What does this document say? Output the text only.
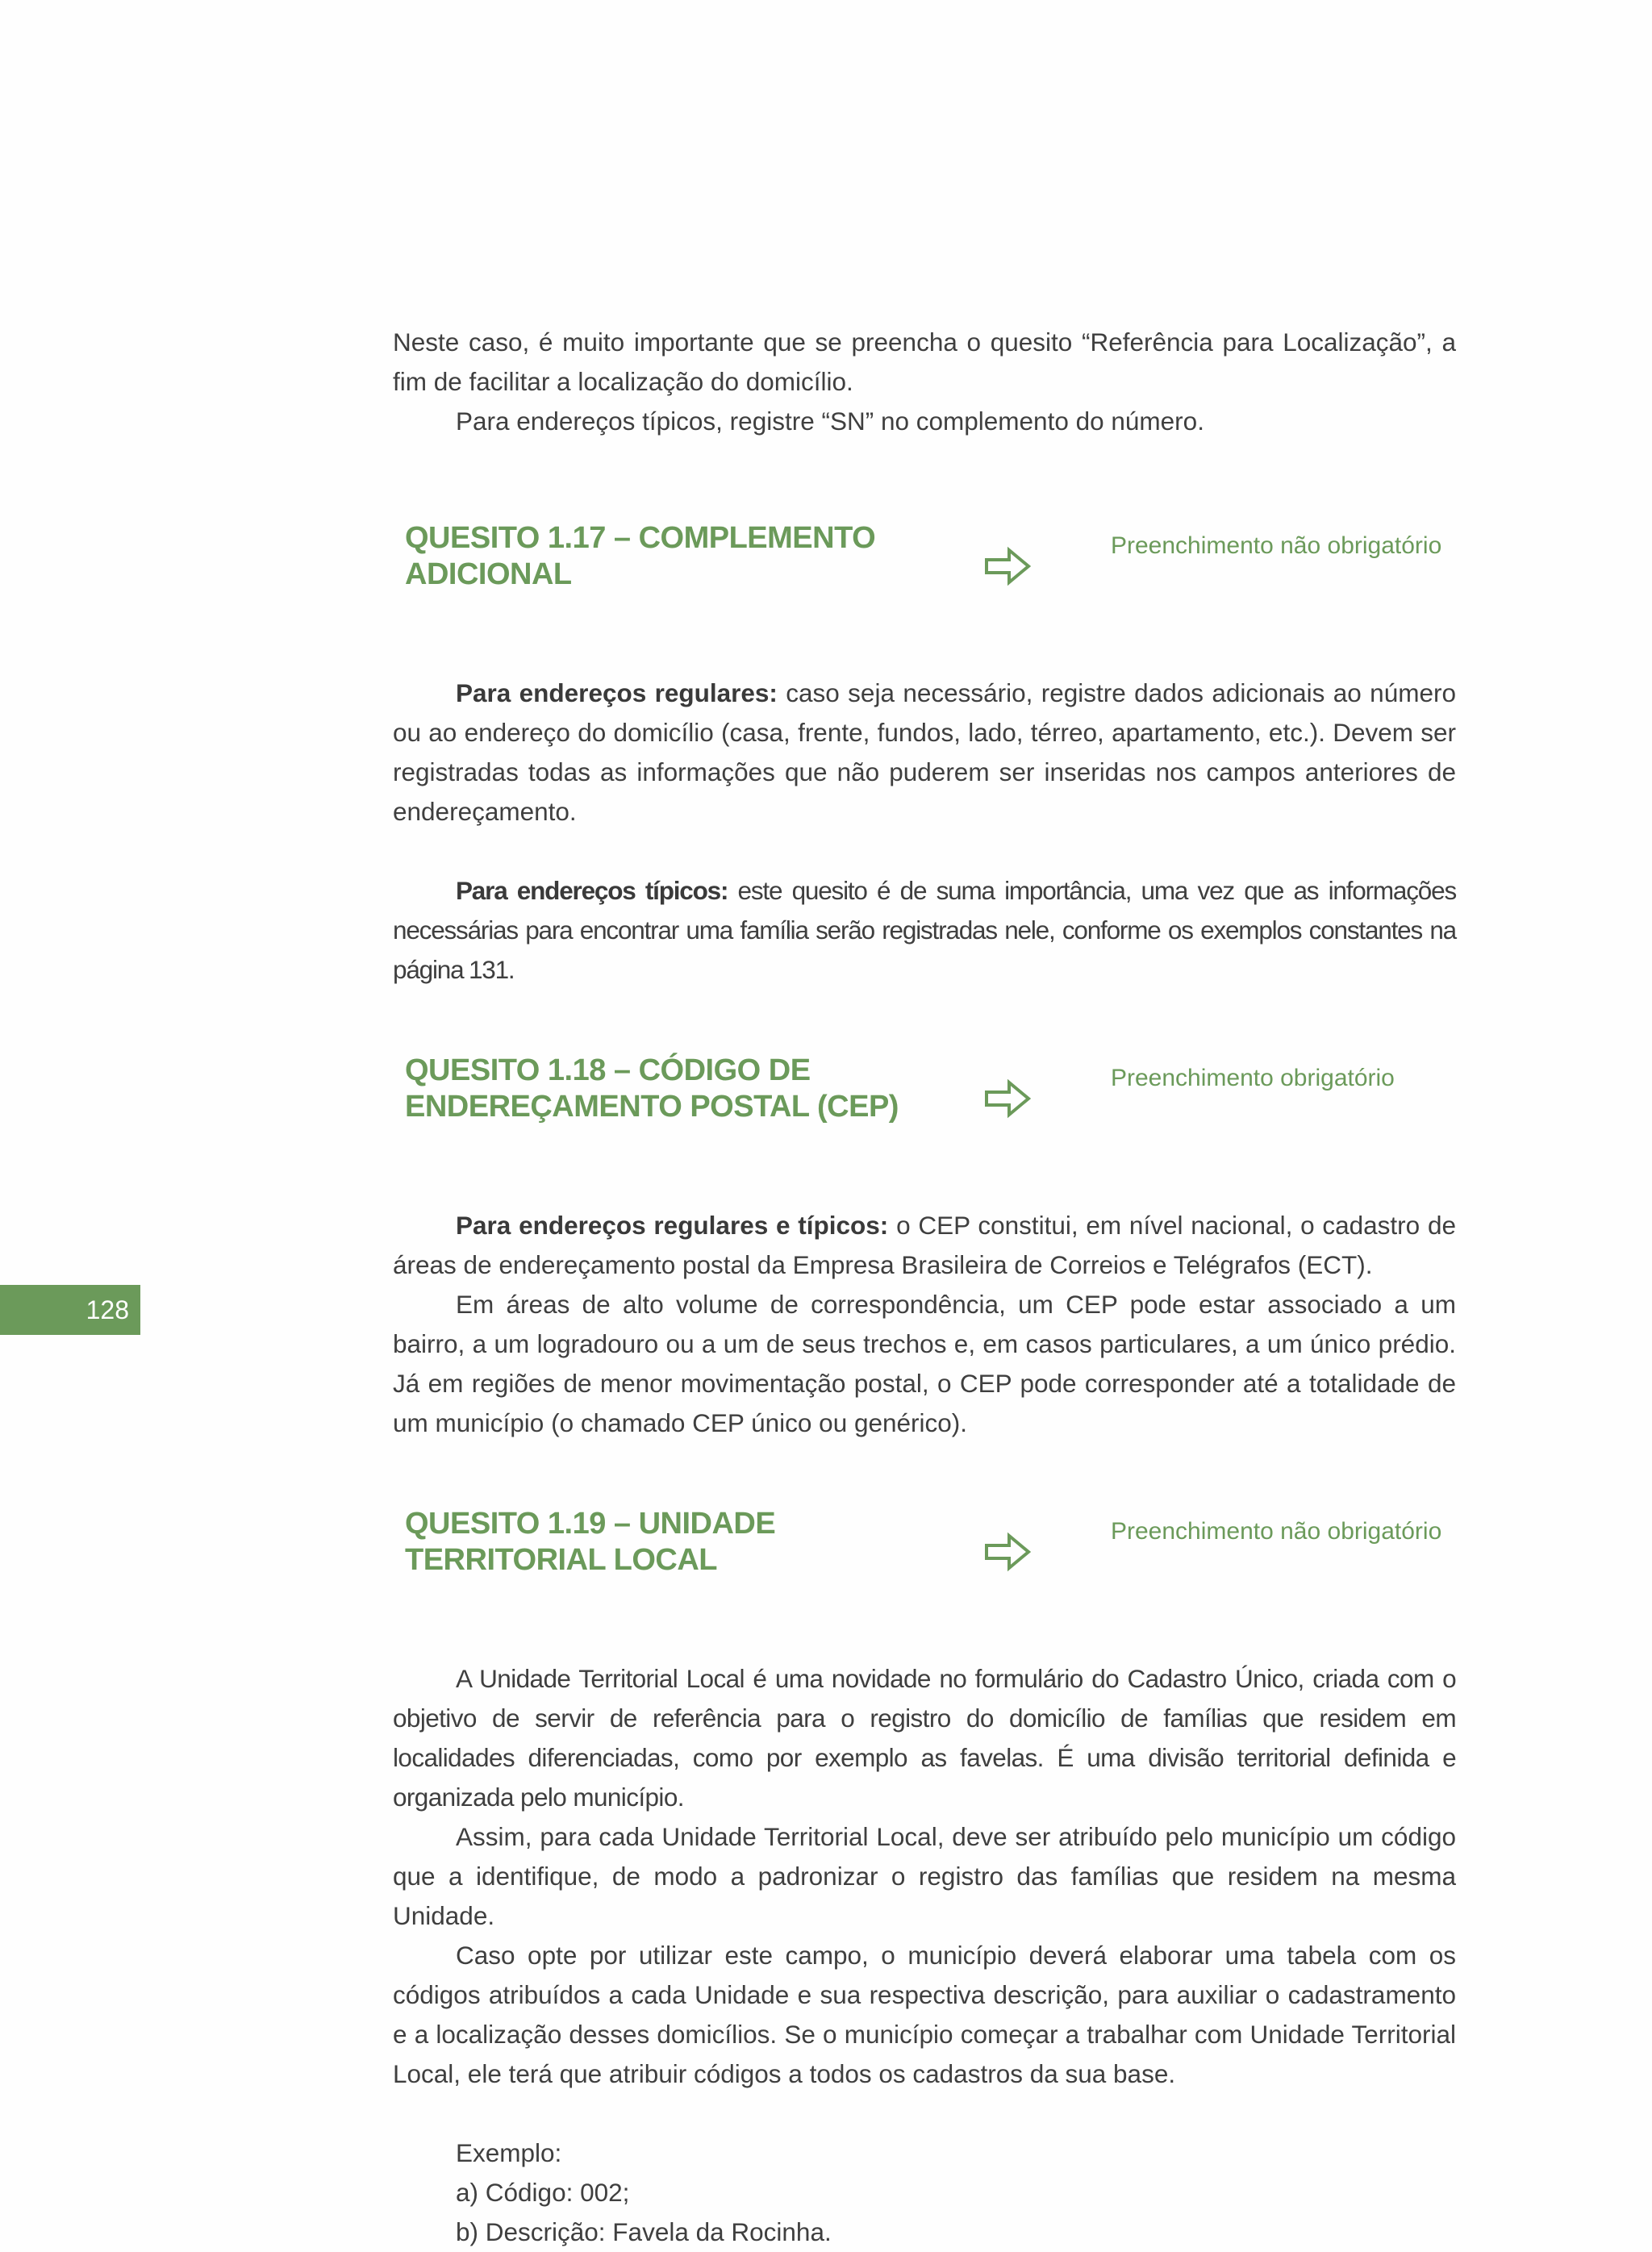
128

Neste caso, é muito importante que se preencha o quesito “Referência para Localização”, a fim de facilitar a localização do domicílio.

Para endereços típicos, registre “SN” no complemento do número.

QUESITO 1.17 – COMPLEMENTO
ADICIONAL
Preenchimento não obrigatório

Para endereços regulares: caso seja necessário, registre dados adicionais ao número ou ao endereço do domicílio (casa, frente, fundos, lado, térreo, apartamento, etc.). Devem ser registradas todas as informações que não puderem ser inseridas nos campos anteriores de endereçamento.

Para endereços típicos: este quesito é de suma importância, uma vez que as informações necessárias para encontrar uma família serão registradas nele, conforme os exemplos constantes na página 131.

QUESITO 1.18 – CÓDIGO DE
ENDEREÇAMENTO POSTAL (CEP)
Preenchimento obrigatório

Para endereços regulares e típicos: o CEP constitui, em nível nacional, o cadastro de áreas de endereçamento postal da Empresa Brasileira de Correios e Telégrafos (ECT).

Em áreas de alto volume de correspondência, um CEP pode estar associado a um bairro, a um logradouro ou a um de seus trechos e, em casos particulares, a um único prédio. Já em regiões de menor movimentação postal, o CEP pode corresponder até a totalidade de um município (o chamado CEP único ou genérico).

QUESITO 1.19 – UNIDADE
TERRITORIAL LOCAL
Preenchimento não obrigatório

A Unidade Territorial Local é uma novidade no formulário do Cadastro Único, criada com o objetivo de servir de referência para o registro do domicílio de famílias que residem em localidades diferenciadas, como por exemplo as favelas. É uma divisão territorial definida e organizada pelo município.

Assim, para cada Unidade Territorial Local, deve ser atribuído pelo município um código que a identifique, de modo a padronizar o registro das famílias que residem na mesma Unidade.

Caso opte por utilizar este campo, o município deverá elaborar uma tabela com os códigos atribuídos a cada Unidade e sua respectiva descrição, para auxiliar o cadastramento e a localização desses domicílios. Se o município começar a trabalhar com Unidade Territorial Local, ele terá que atribuir códigos a todos os cadastros da sua base.

Exemplo:

a) Código: 002;

b) Descrição: Favela da Rocinha.
